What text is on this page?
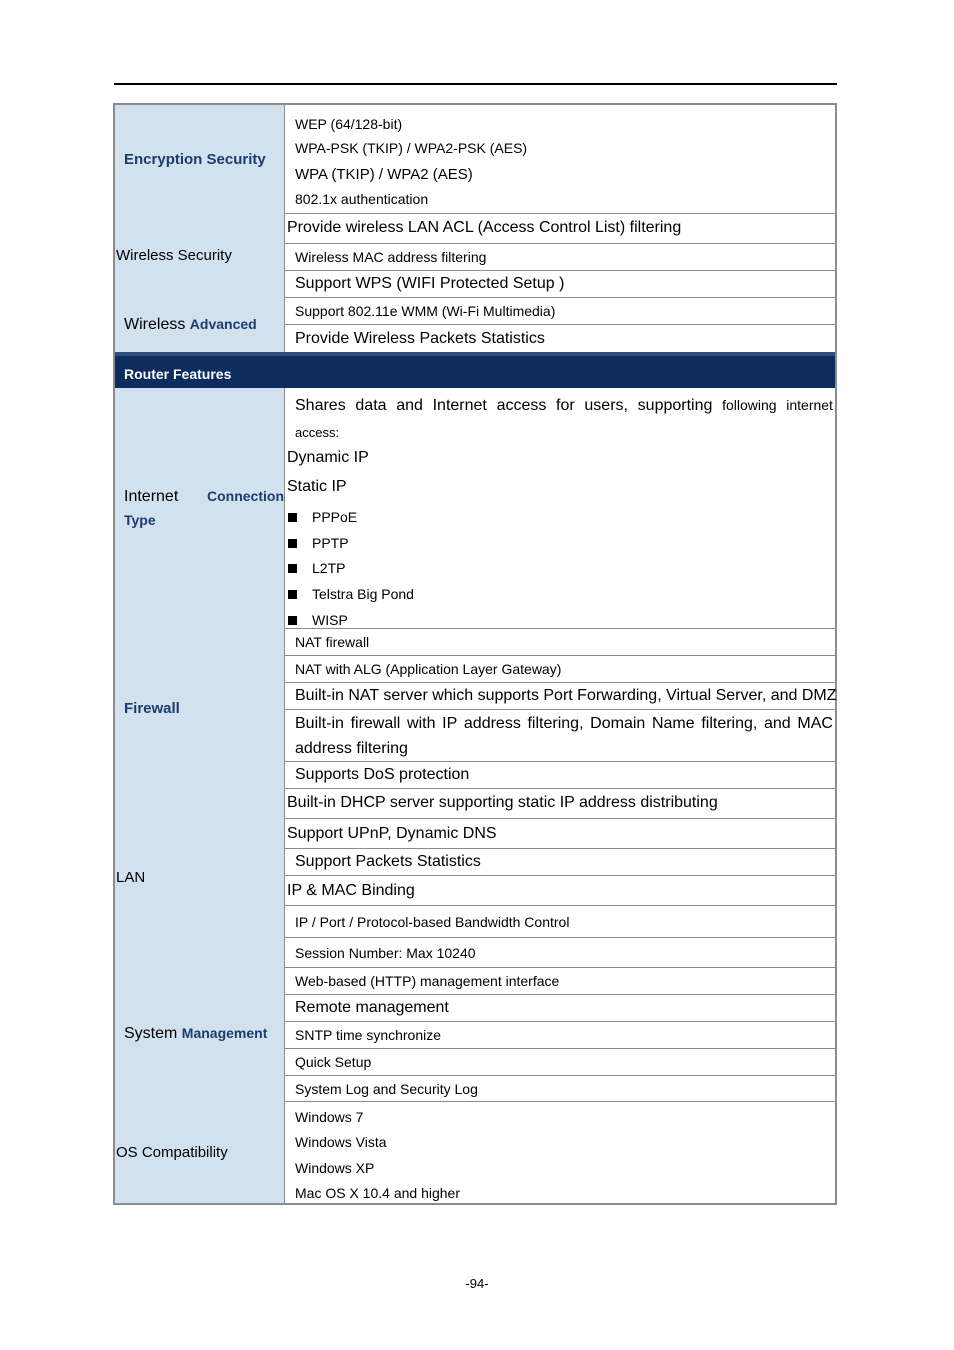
Encryption Security
WEP (64/128-bit)
WPA-PSK (TKIP) / WPA2-PSK (AES)
WPA (TKIP) / WPA2 (AES)
802.1x authentication
Wireless Security
Provide wireless LAN ACL (Access Control List) filtering
Wireless MAC address filtering
Support WPS (WIFI Protected Setup )
Wireless Advanced
Support 802.11e WMM (Wi-Fi Multimedia)
Provide Wireless Packets Statistics
Router Features
Internet Connection
Type
Shares data and Internet access for users, supporting following internet
access:
Dynamic IP
Static IP
PPPoE
PPTP
L2TP
Telstra Big Pond
WISP
Firewall
NAT firewall
NAT with ALG (Application Layer Gateway)
Built-in NAT server which supports Port Forwarding, Virtual Server, and DMZ
Built-in firewall with IP address filtering, Domain Name filtering, and MAC
address filtering
Supports DoS protection
LAN
Built-in DHCP server supporting static IP address distributing
Support UPnP, Dynamic DNS
Support Packets Statistics
IP & MAC Binding
IP / Port / Protocol-based Bandwidth Control
Session Number: Max 10240
System Management
Web-based (HTTP) management interface
Remote management
SNTP time synchronize
Quick Setup
System Log and Security Log
OS Compatibility
Windows 7
Windows Vista
Windows XP
Mac OS X 10.4 and higher
-94-
